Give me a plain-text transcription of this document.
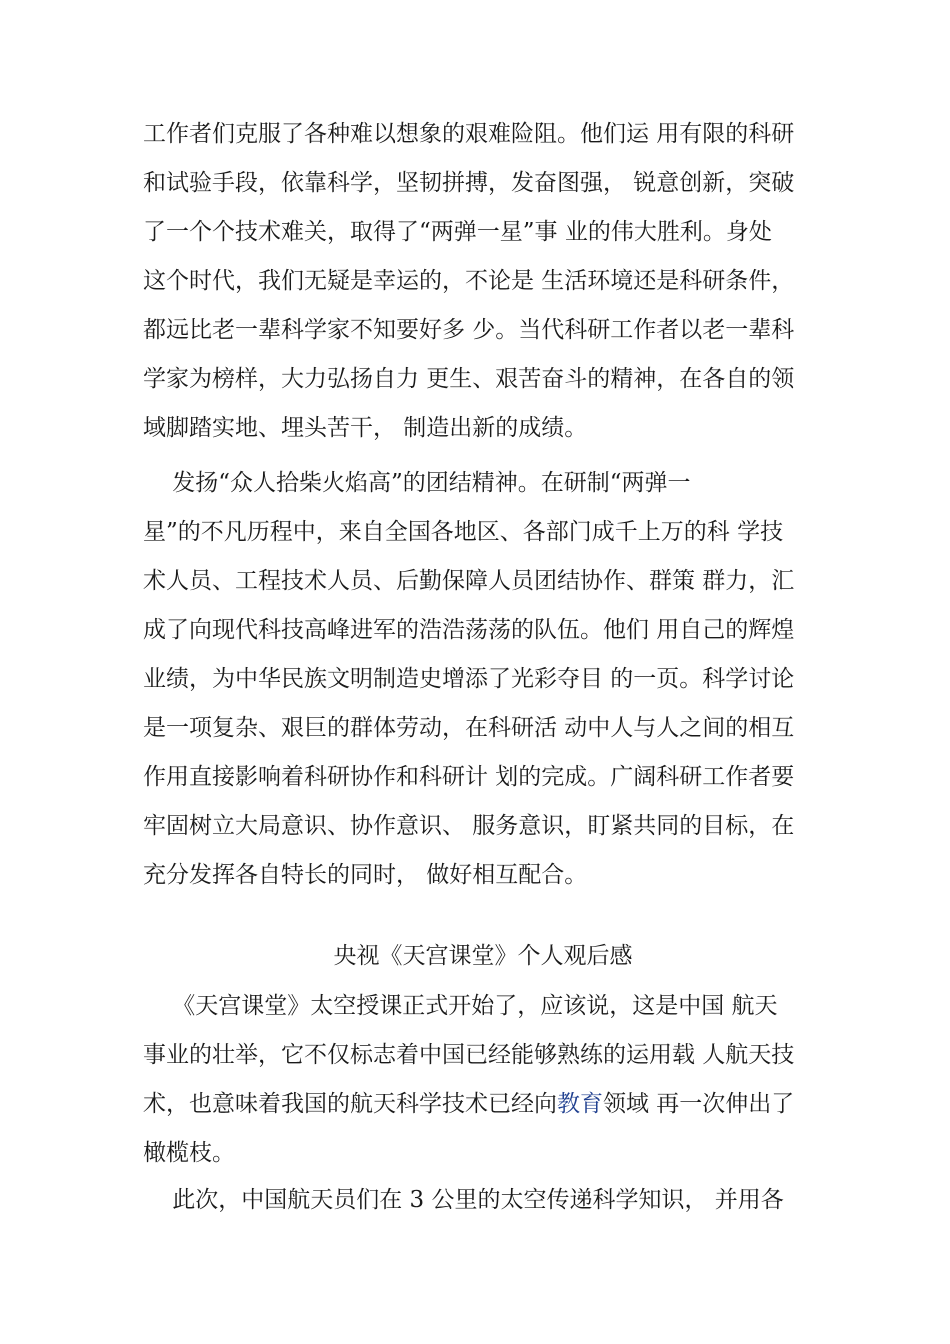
工作者们克服了各种难以想象的艰难险阻。他们运 用有限的科研
和试验手段，依靠科学，坚韧拼搏，发奋图强， 锐意创新，突破
了一个个技术难关，取得了“两弹一星”事 业的伟大胜利。身处
这个时代，我们无疑是幸运的，不论是 生活环境还是科研条件，
都远比老一辈科学家不知要好多 少。当代科研工作者以老一辈科
学家为榜样，大力弘扬自力 更生、艰苦奋斗的精神，在各自的领
域脚踏实地、埋头苦干， 制造出新的成绩。
发扬“众人拾柴火焰高”的团结精神。在研制“两弹一
星”的不凡历程中，来自全国各地区、各部门成千上万的科 学技
术人员、工程技术人员、后勤保障人员团结协作、群策 群力，汇
成了向现代科技高峰进军的浩浩荡荡的队伍。他们 用自己的辉煌
业绩，为中华民族文明制造史增添了光彩夺目 的一页。科学讨论
是一项复杂、艰巨的群体劳动，在科研活 动中人与人之间的相互
作用直接影响着科研协作和科研计 划的完成。广阔科研工作者要
牢固树立大局意识、协作意识、 服务意识，盯紧共同的目标，在
充分发挥各自特长的同时， 做好相互配合。
央视《天宫课堂》个人观后感
《天宫课堂》太空授课正式开始了，应该说，这是中国 航天
事业的壮举，它不仅标志着中国已经能够熟练的运用载 人航天技
术，也意味着我国的航天科学技术已经向教育领域 再一次伸出了
橄榄枝。
此次，中国航天员们在 3 公里的太空传递科学知识， 并用各
